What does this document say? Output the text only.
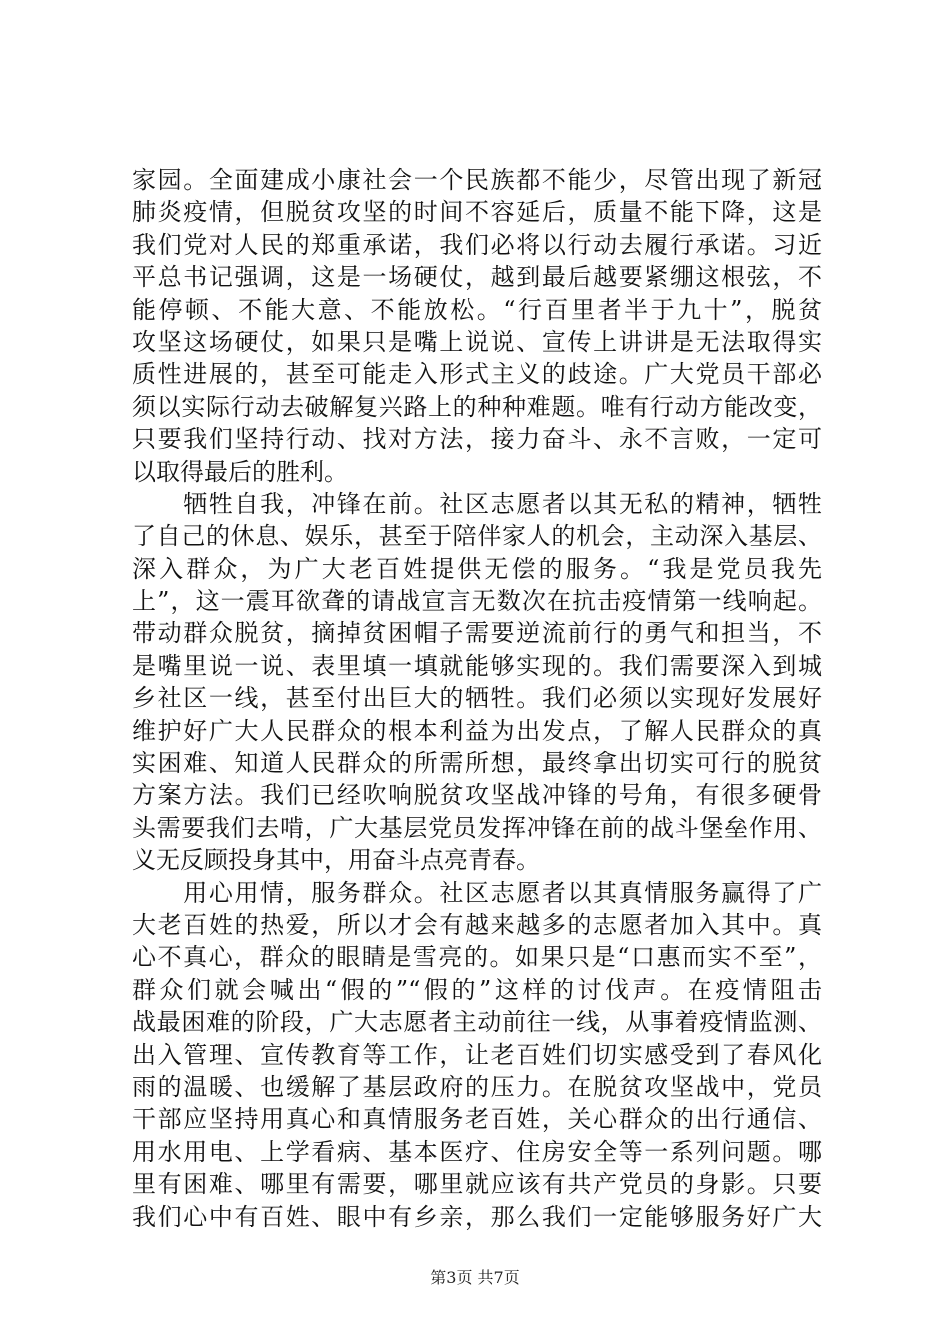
家园。全面建成小康社会一个民族都不能少，尽管出现了新冠
肺炎疫情，但脱贫攻坚的时间不容延后，质量不能下降，这是
我们党对人民的郑重承诺，我们必将以行动去履行承诺。习近
平总书记强调，这是一场硬仗，越到最后越要紧绷这根弦，不
能停顿、不能大意、不能放松。“行百里者半于九十”，脱贫
攻坚这场硬仗，如果只是嘴上说说、宣传上讲讲是无法取得实
质性进展的，甚至可能走入形式主义的歧途。广大党员干部必
须以实际行动去破解复兴路上的种种难题。唯有行动方能改变，
只要我们坚持行动、找对方法，接力奋斗、永不言败，一定可
以取得最后的胜利。
　　牺牲自我，冲锋在前。社区志愿者以其无私的精神，牺牲
了自己的休息、娱乐，甚至于陪伴家人的机会，主动深入基层、
深入群众，为广大老百姓提供无偿的服务。“我是党员我先
上”，这一震耳欲聋的请战宣言无数次在抗击疫情第一线响起。
带动群众脱贫，摘掉贫困帽子需要逆流前行的勇气和担当，不
是嘴里说一说、表里填一填就能够实现的。我们需要深入到城
乡社区一线，甚至付出巨大的牺牲。我们必须以实现好发展好
维护好广大人民群众的根本利益为出发点，了解人民群众的真
实困难、知道人民群众的所需所想，最终拿出切实可行的脱贫
方案方法。我们已经吹响脱贫攻坚战冲锋的号角，有很多硬骨
头需要我们去啃，广大基层党员发挥冲锋在前的战斗堡垒作用、
义无反顾投身其中，用奋斗点亮青春。
　　用心用情，服务群众。社区志愿者以其真情服务赢得了广
大老百姓的热爱，所以才会有越来越多的志愿者加入其中。真
心不真心，群众的眼睛是雪亮的。如果只是“口惠而实不至”，
群众们就会喊出“假的”“假的”这样的讨伐声。在疫情阻击
战最困难的阶段，广大志愿者主动前往一线，从事着疫情监测、
出入管理、宣传教育等工作，让老百姓们切实感受到了春风化
雨的温暖、也缓解了基层政府的压力。在脱贫攻坚战中，党员
干部应坚持用真心和真情服务老百姓，关心群众的出行通信、
用水用电、上学看病、基本医疗、住房安全等一系列问题。哪
里有困难、哪里有需要，哪里就应该有共产党员的身影。只要
我们心中有百姓、眼中有乡亲，那么我们一定能够服务好广大
第3页 共7页
